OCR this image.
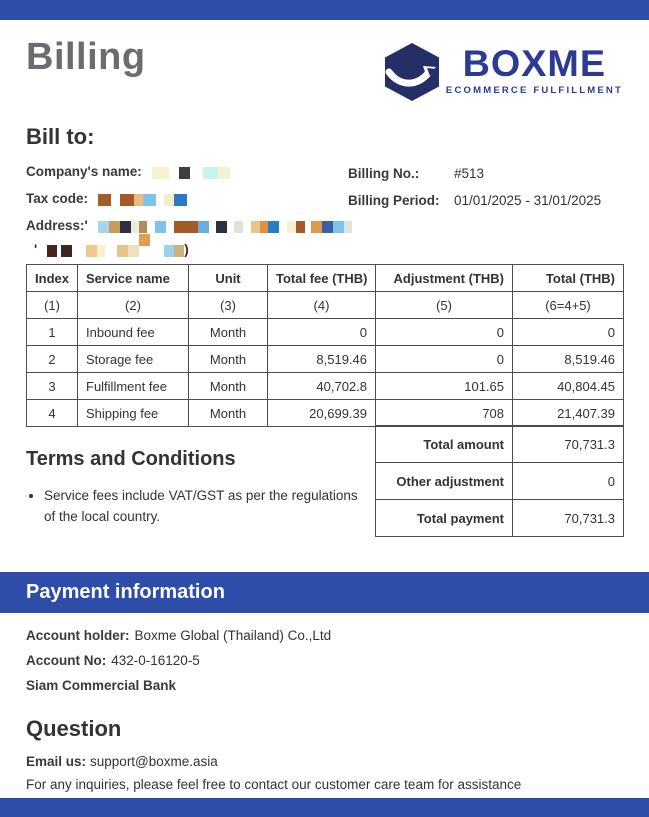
Billing	BOXME
ECOMMERCE FULFILLMENT
Bill to:
Company's name:
Tax code:
Address:'
'	)
Billing No.:	#513
Billing Period: 01/01/2025 - 31/01/2025
Index	Service name	Unit	Total fee (THB)	Adjustment (THB)	Total (THB)
(1)	(2)	(3)	(4)	(5)	(6=4+5)
1	Inbound fee	Month	0	0	0
2	Storage fee	Month	8,519.46	0	8,519.46
3	Fulfillment fee	Month	40,702.8	101.65	40,804.45
4	Shipping fee	Month	20,699.39	708	21,407.39
Total amount	70,731.3
Other adjustment	0
Total payment	70,731.3
Terms and Conditions
• Service fees include VAT/GST as per the regulations of the local country.
Payment information
Account holder: Boxme Global (Thailand) Co.,Ltd
Account No: 432-0-16120-5
Siam Commercial Bank
Question
Email us: support@boxme.asia
For any inquiries, please feel free to contact our customer care team for assistance
